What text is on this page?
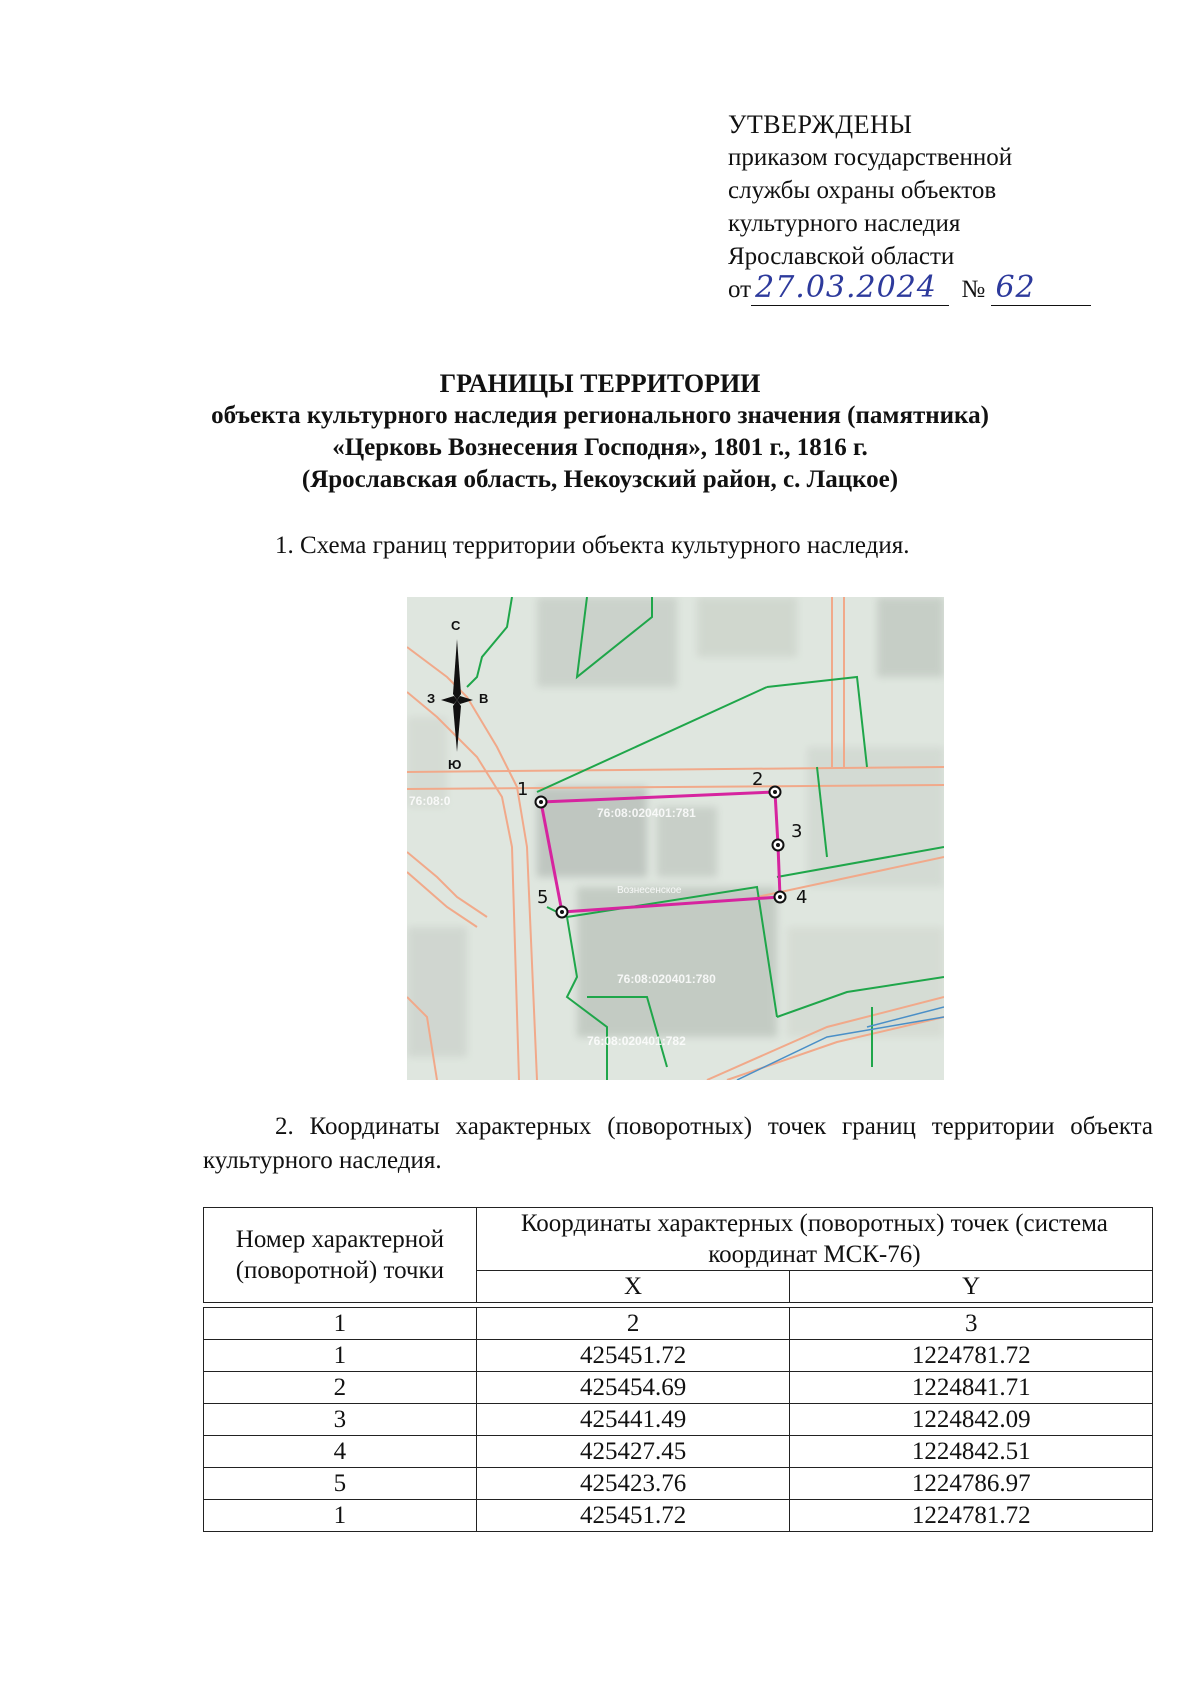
УТВЕРЖДЕНЫ
приказом государственной
службы охраны объектов
культурного наследия
Ярославской области
от 27.03.2024 № 62
ГРАНИЦЫ ТЕРРИТОРИИ
объекта культурного наследия регионального значения (памятника)
«Церковь Вознесения Господня», 1801 г., 1816 г.
(Ярославская область, Некоузский район, с. Лацкое)
1. Схема границ территории объекта культурного наследия.
76:08:020401:781
76:08:020401:780
76:08:020401:782
76:08:0
Вознесенское
С
Ю
З	В
1	2
3
4
5
2. Координаты характерных (поворотных) точек границ территории объекта культурного наследия.
Номер характерной (поворотной) точки	Координаты характерных (поворотных) точек (система координат МСК-76)	
	X	Y

1	2	3
1	425451.72	1224781.72
2	425454.69	1224841.71
3	425441.49	1224842.09
4	425427.45	1224842.51
5	425423.76	1224786.97
1	425451.72	1224781.72
